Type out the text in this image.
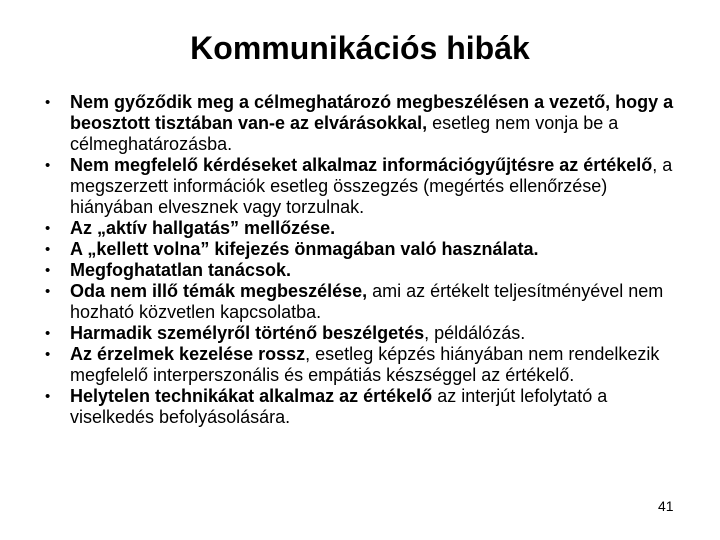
Kommunikációs hibák
• Nem győződik meg a célmeghatározó megbeszélésen a vezető, hogy a beosztott tisztában van-e az elvárásokkal, esetleg nem vonja be a célmeghatározásba.
• Nem megfelelő kérdéseket alkalmaz információgyűjtésre az értékelő, a megszerzett információk esetleg összegzés (megértés ellenőrzése) hiányában elvesznek vagy torzulnak.
• Az „aktív hallgatás” mellőzése.
• A „kellett volna” kifejezés önmagában való használata.
• Megfoghatatlan tanácsok.
• Oda nem illő témák megbeszélése, ami az értékelt teljesítményével nem hozható közvetlen kapcsolatba.
• Harmadik személyről történő beszélgetés, példálózás.
• Az érzelmek kezelése rossz, esetleg képzés hiányában nem rendelkezik megfelelő interperszonális és empátiás készséggel az értékelő.
• Helytelen technikákat alkalmaz az értékelő az interjút lefolytató a viselkedés befolyásolására.
41
